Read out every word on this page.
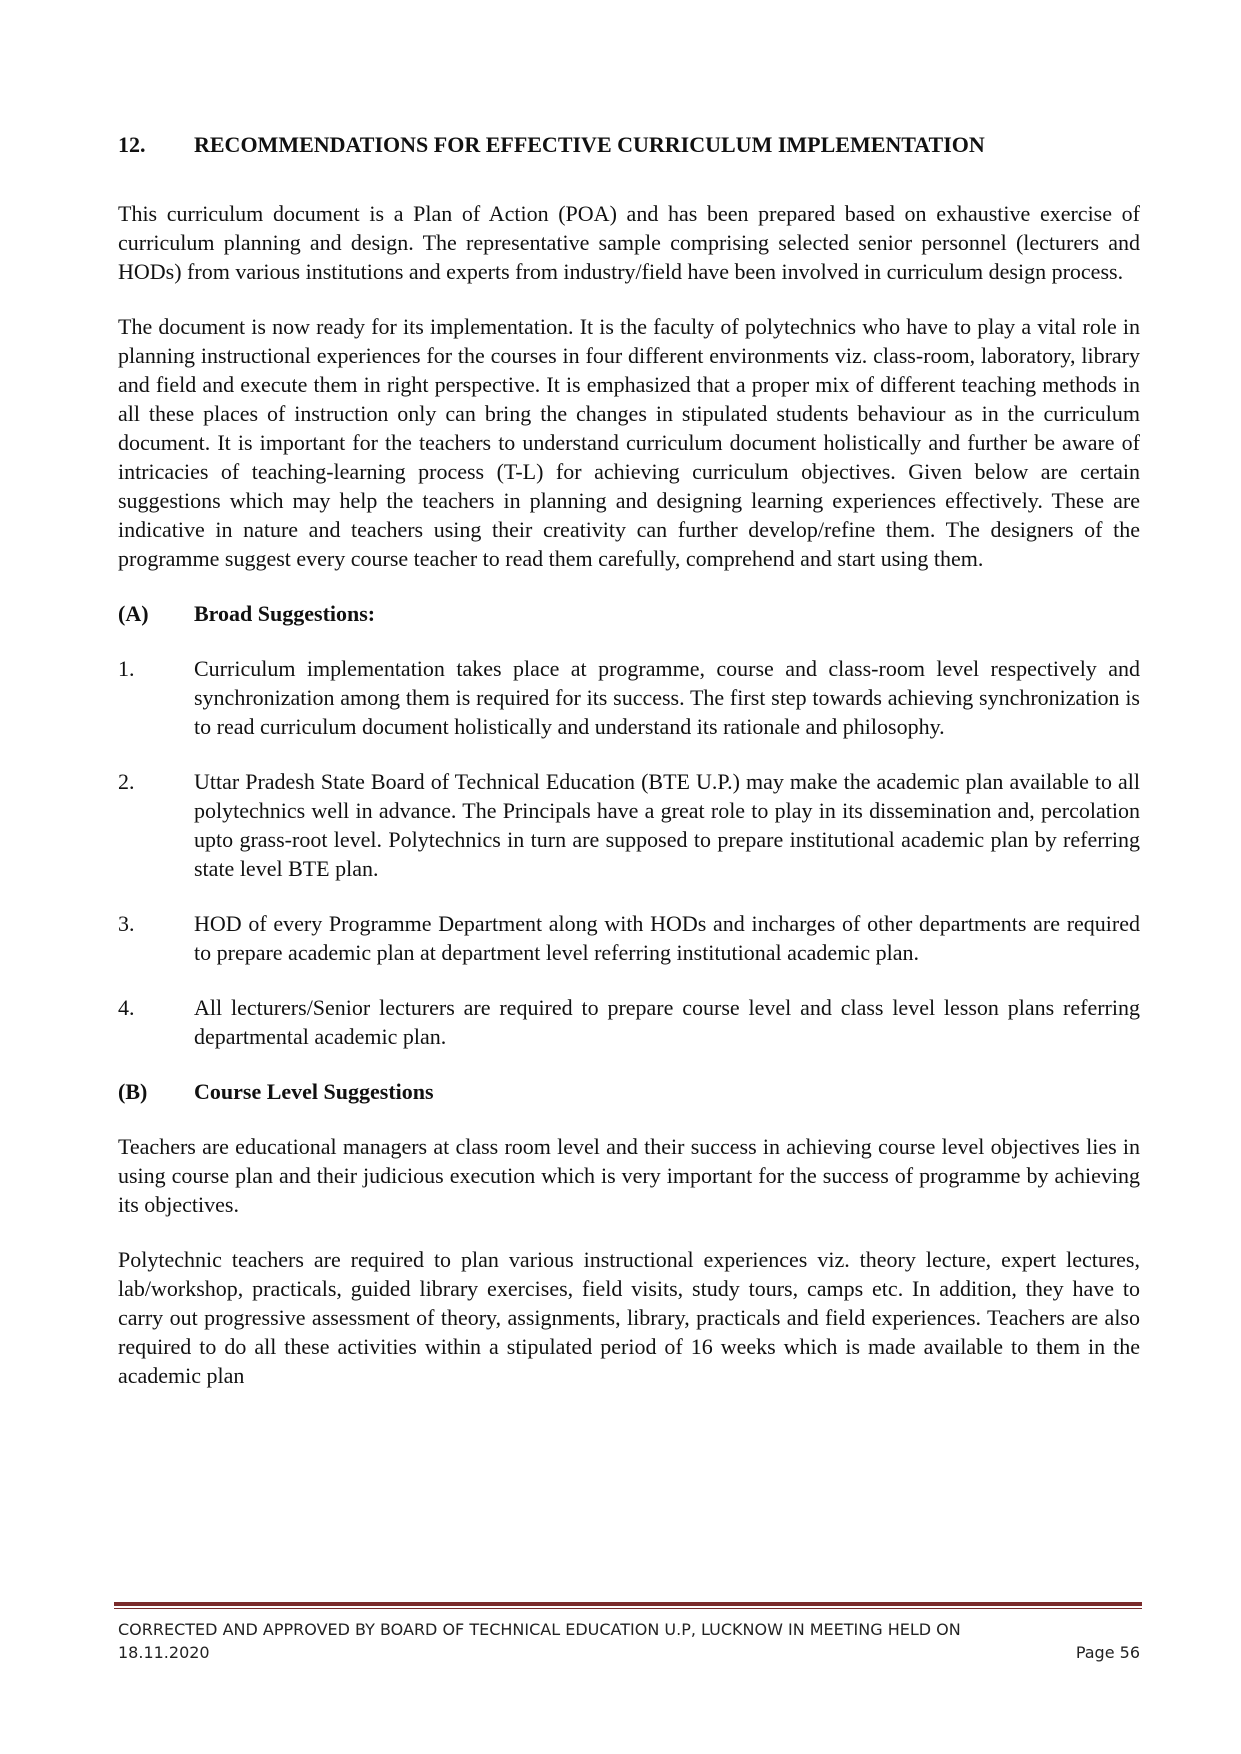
12.	RECOMMENDATIONS FOR EFFECTIVE CURRICULUM IMPLEMENTATION

This curriculum document is a Plan of Action (POA) and has been prepared based on exhaustive exercise of curriculum planning and design. The representative sample comprising selected senior personnel (lecturers and HODs) from various institutions and experts from industry/field have been involved in curriculum design process.

The document is now ready for its implementation. It is the faculty of polytechnics who have to play a vital role in planning instructional experiences for the courses in four different environments viz. class-room, laboratory, library and field and execute them in right perspective. It is emphasized that a proper mix of different teaching methods in all these places of instruction only can bring the changes in stipulated students behaviour as in the curriculum document. It is important for the teachers to understand curriculum document holistically and further be aware of intricacies of teaching-learning process (T-L) for achieving curriculum objectives. Given below are certain suggestions which may help the teachers in planning and designing learning experiences effectively. These are indicative in nature and teachers using their creativity can further develop/refine them. The designers of the programme suggest every course teacher to read them carefully, comprehend and start using them.

(A)	Broad Suggestions:
1.	Curriculum implementation takes place at programme, course and class-room level respectively and synchronization among them is required for its success. The first step towards achieving synchronization is to read curriculum document holistically and understand its rationale and philosophy.
2.	Uttar Pradesh State Board of Technical Education (BTE U.P.) may make the academic plan available to all polytechnics well in advance. The Principals have a great role to play in its dissemination and, percolation upto grass-root level. Polytechnics in turn are supposed to prepare institutional academic plan by referring state level BTE plan.
3.	HOD of every Programme Department along with HODs and incharges of other departments are required to prepare academic plan at department level referring institutional academic plan.
4.	All lecturers/Senior lecturers are required to prepare course level and class level lesson plans referring departmental academic plan.
(B)	Course Level Suggestions

Teachers are educational managers at class room level and their success in achieving course level objectives lies in using course plan and their judicious execution which is very important for the success of programme by achieving its objectives.

Polytechnic teachers are required to plan various instructional experiences viz. theory lecture, expert lectures, lab/workshop, practicals, guided library exercises, field visits, study tours, camps etc. In addition, they have to carry out progressive assessment of theory, assignments, library, practicals and field experiences. Teachers are also required to do all these activities within a stipulated period of 16 weeks which is made available to them in the academic plan

CORRECTED AND APPROVED BY BOARD OF TECHNICAL EDUCATION U.P, LUCKNOW IN MEETING HELD ON
18.11.2020	Page 56
